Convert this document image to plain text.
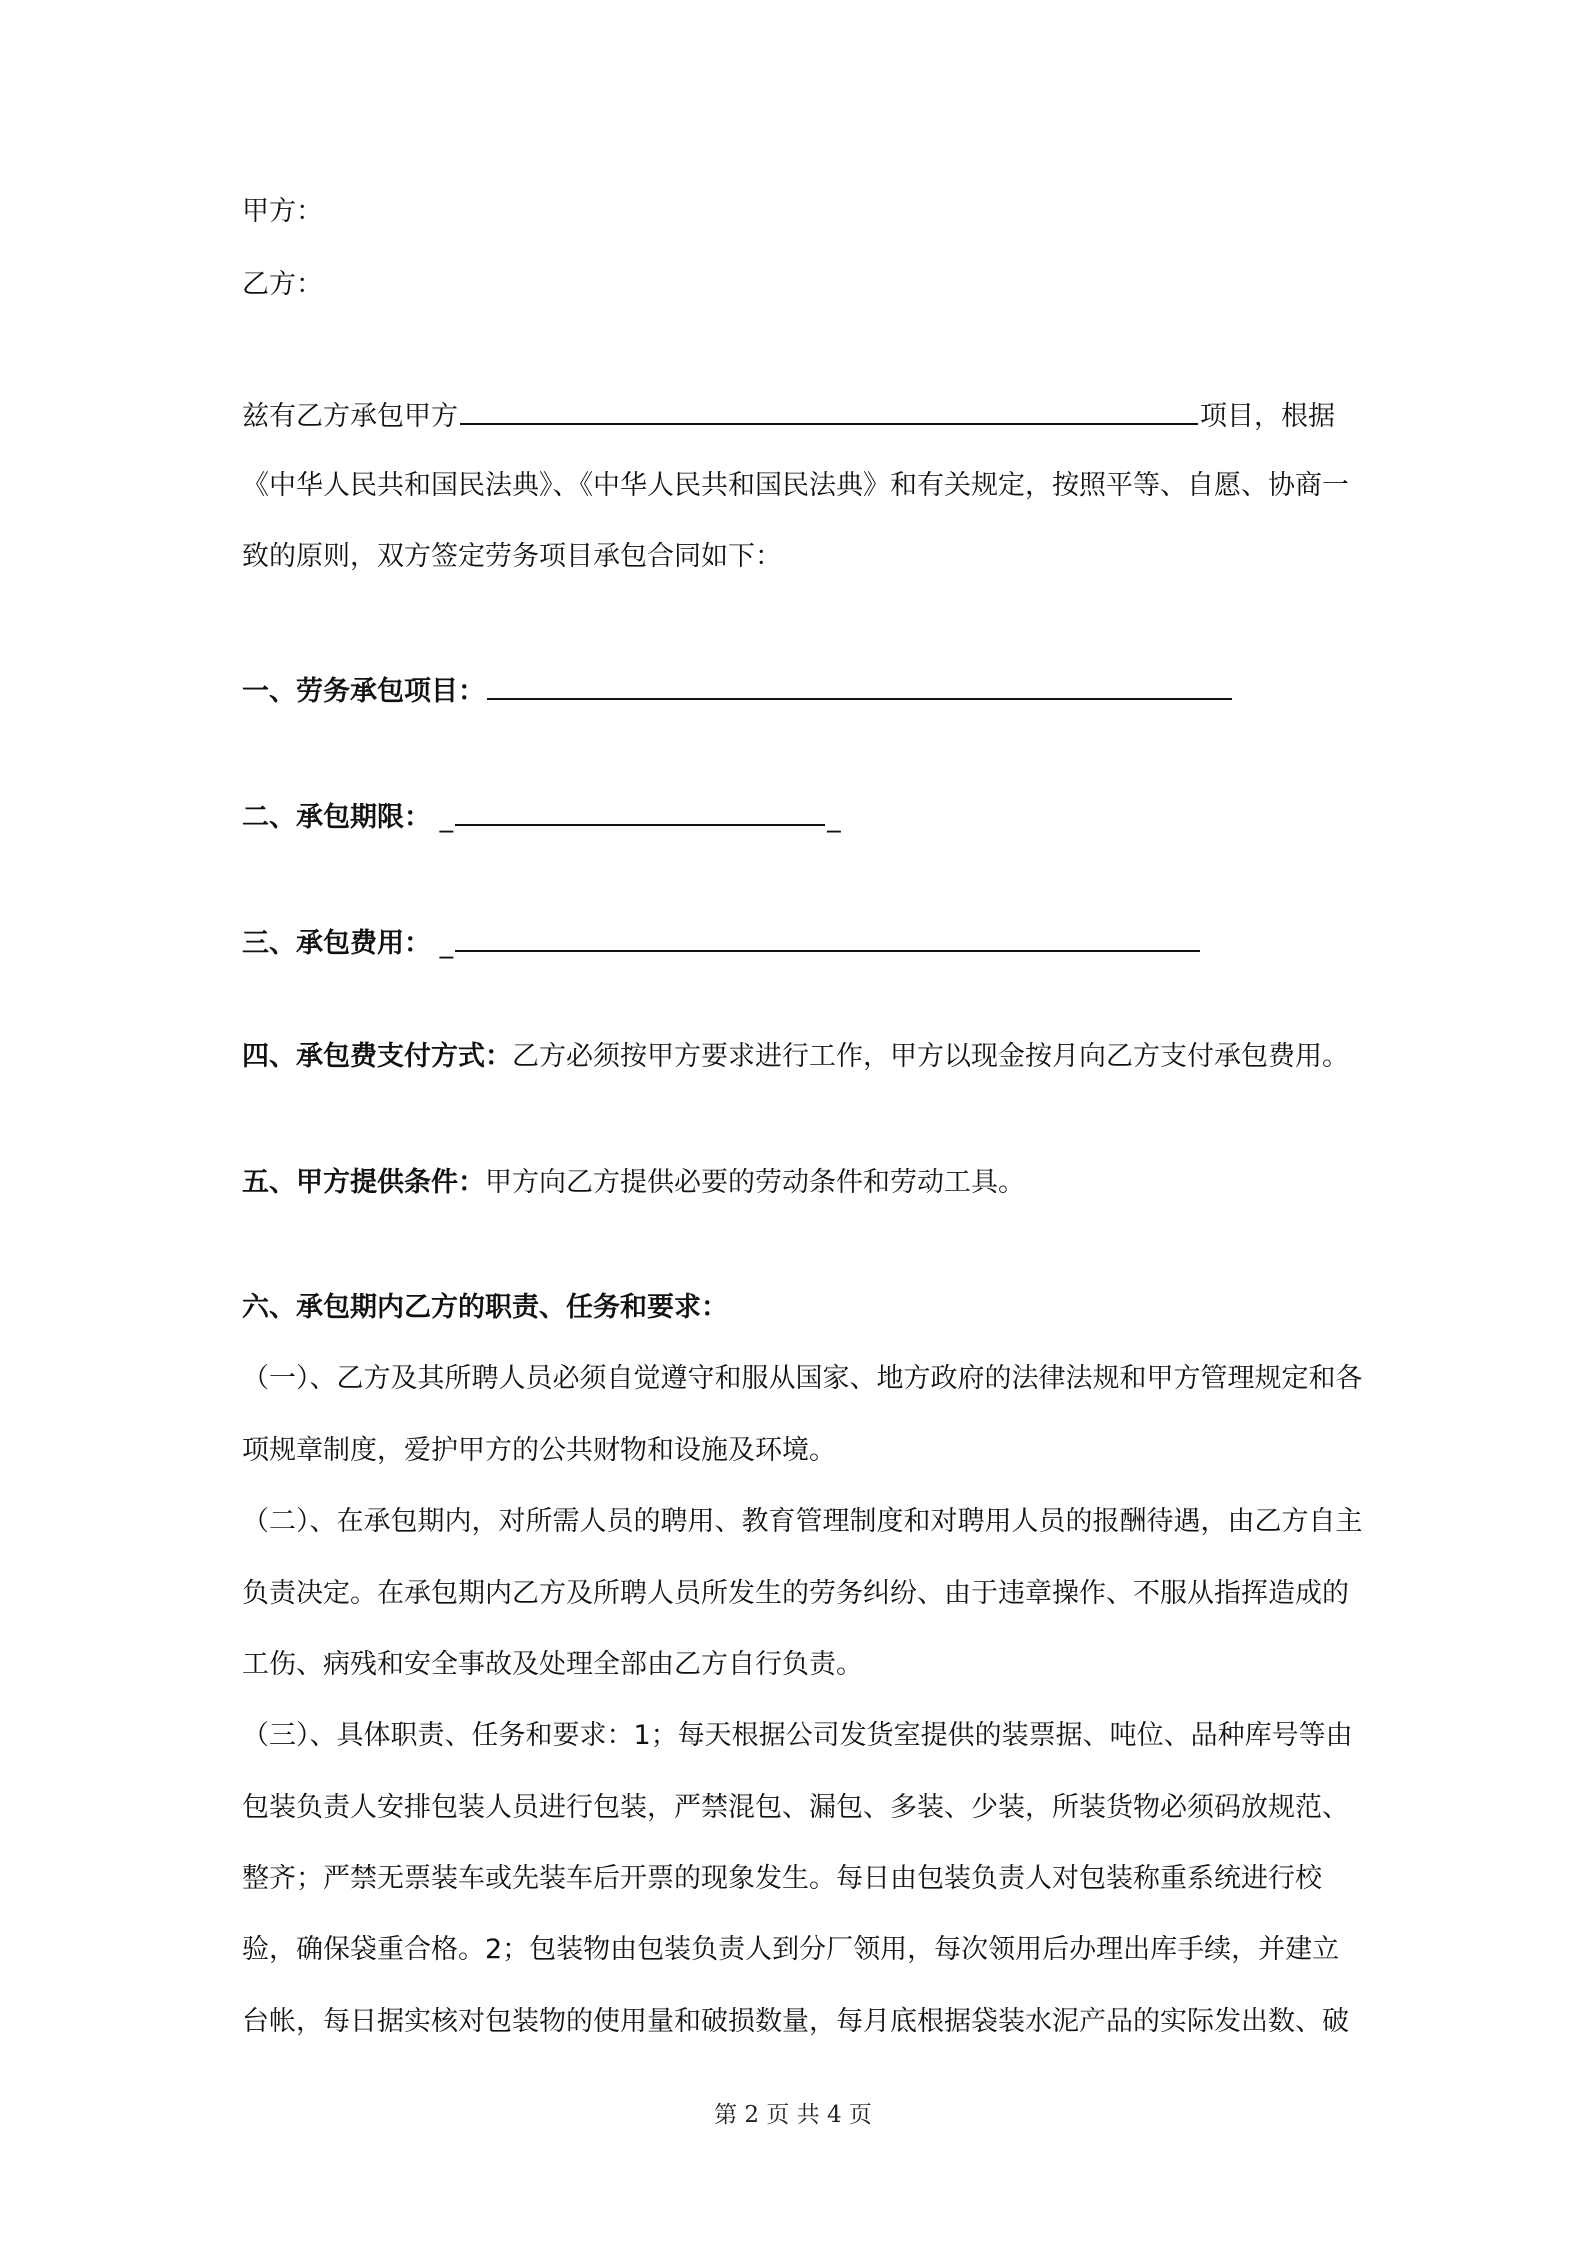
甲方：
乙方：
兹有乙方承包甲方	项目，根据
《中华人民共和国民法典》、《中华人民共和国民法典》和有关规定，按照平等、自愿、协商一
致的原则，双方签定劳务项目承包合同如下：
一、劳务承包项目：
二、承包期限： _	_
三、承包费用： _
四、承包费支付方式：乙方必须按甲方要求进行工作，甲方以现金按月向乙方支付承包费用。
五、甲方提供条件：甲方向乙方提供必要的劳动条件和劳动工具。
六、承包期内乙方的职责、任务和要求：
（一）、乙方及其所聘人员必须自觉遵守和服从国家、地方政府的法律法规和甲方管理规定和各
项规章制度，爱护甲方的公共财物和设施及环境。
（二）、在承包期内，对所需人员的聘用、教育管理制度和对聘用人员的报酬待遇，由乙方自主
负责决定。在承包期内乙方及所聘人员所发生的劳务纠纷、由于违章操作、不服从指挥造成的
工伤、病残和安全事故及处理全部由乙方自行负责。
（三）、具体职责、任务和要求：1；每天根据公司发货室提供的装票据、吨位、品种库号等由
包装负责人安排包装人员进行包装，严禁混包、漏包、多装、少装，所装货物必须码放规范、
整齐；严禁无票装车或先装车后开票的现象发生。每日由包装负责人对包装称重系统进行校
验，确保袋重合格。2；包装物由包装负责人到分厂领用，每次领用后办理出库手续，并建立
台帐，每日据实核对包装物的使用量和破损数量，每月底根据袋装水泥产品的实际发出数、破
第 2 页 共 4 页
